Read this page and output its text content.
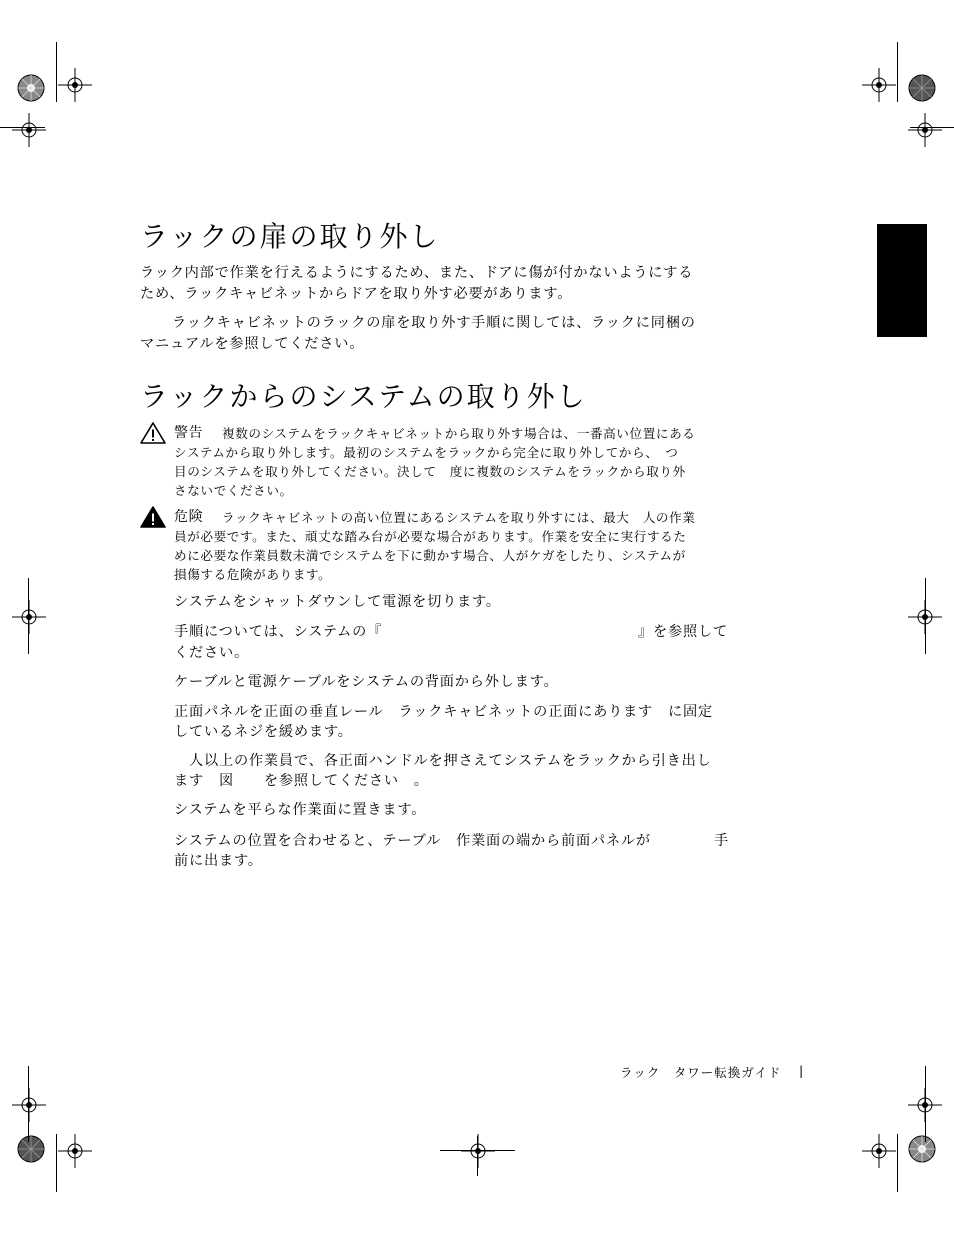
ラックの扉の取り外し

ラック内部で作業を行えるようにするため、また、ドアに傷が付かないようにする

ため、ラックキャビネットからドアを取り外す必要があります。

ラックキャビネットのラックの扉を取り外す手順に関しては、ラックに同梱の

マニュアルを参照してください。

ラックからのシステムの取り外し

警告 複数のシステムをラックキャビネットから取り外す場合は、一番高い位置にある

システムから取り外します。最初のシステムをラックから完全に取り外してから、　つ

目のシステムを取り外してください。決して　度に複数のシステムをラックから取り外

さないでください。

危険 ラックキャビネットの高い位置にあるシステムを取り外すには、最大　人の作業

員が必要です。また、頑丈な踏み台が必要な場合があります。作業を安全に実行するた

めに必要な作業員数未満でシステムを下に動かす場合、人がケガをしたり、システムが

損傷する危険があります。

システムをシャットダウンして電源を切ります。

手順については、システムの『	』を参照して

ください。

ケーブルと電源ケーブルをシステムの背面から外します。

正面パネルを正面の垂直レール　ラックキャビネットの正面にあります　に固定

しているネジを緩めます。

　人以上の作業員で、各正面ハンドルを押さえてシステムをラックから引き出し

ます　図　　を参照してください　。

システムを平らな作業面に置きます。

システムの位置を合わせると、テーブル　作業面の端から前面パネルが	手

前に出ます。

ラック　タワー転換ガイド |
